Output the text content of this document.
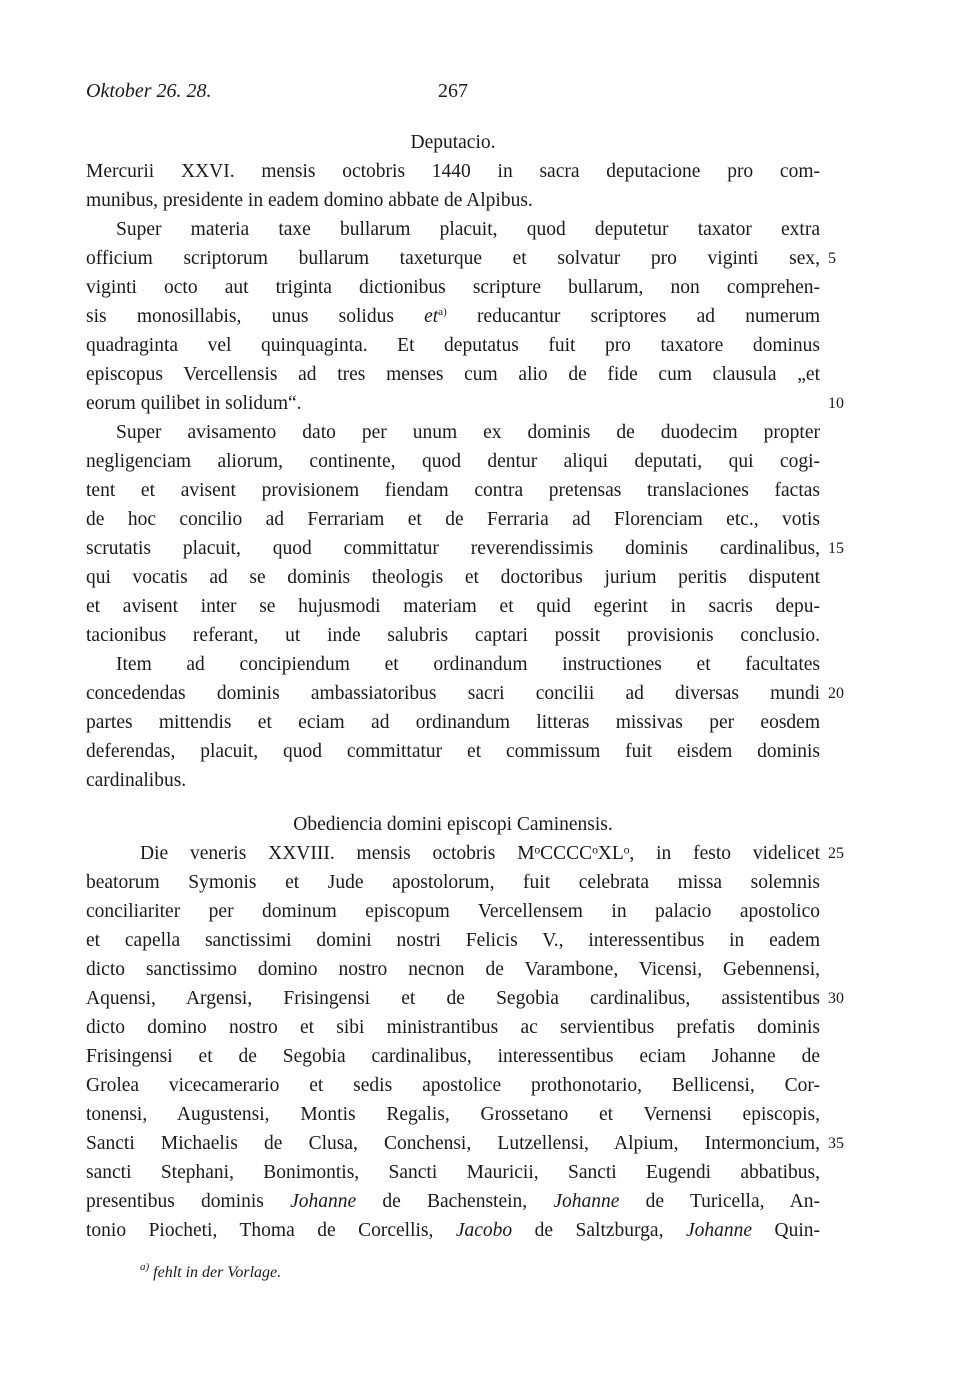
Oktober 26. 28.	267
Deputacio.
Mercurii XXVI. mensis octobris 1440 in sacra deputacione pro com-
munibus, presidente in eadem domino abbate de Alpibus.
Super materia taxe bullarum placuit, quod deputetur taxator extra
officium scriptorum bullarum taxeturque et solvatur pro viginti sex,
viginti octo aut triginta dictionibus scripture bullarum, non comprehen-
sis monosillabis, unus solidus $et^{a)}$ reducantur scriptores ad numerum
quadraginta vel quinquaginta. Et deputatus fuit pro taxatore dominus
episcopus Vercellensis ad tres menses cum alio de fide cum clausula „et
eorum quilibet in solidum“.
Super avisamento dato per unum ex dominis de duodecim propter
negligenciam aliorum, continente, quod dentur aliqui deputati, qui cogi-
tent et avisent provisionem fiendam contra pretensas translaciones factas
de hoc concilio ad Ferrariam et de Ferraria ad Florenciam etc., votis
scrutatis placuit, quod committatur reverendissimis dominis cardinalibus,
qui vocatis ad se dominis theologis et doctoribus jurium peritis disputent
et avisent inter se hujusmodi materiam et quid egerint in sacris depu-
tacionibus referant, ut inde salubris captari possit provisionis conclusio.
Item ad concipiendum et ordinandum instructiones et facultates
concedendas dominis ambassiatoribus sacri concilii ad diversas mundi
partes mittendis et eciam ad ordinandum litteras missivas per eosdem
deferendas, placuit, quod committatur et commissum fuit eisdem dominis
cardinalibus.
Obediencia domini episcopi Caminensis.
Die veneris XXVIII. mensis octobris MᵒCCCCᵒXLᵒ, in festo videlicet
beatorum Symonis et Jude apostolorum, fuit celebrata missa solemnis
conciliariter per dominum episcopum Vercellensem in palacio apostolico
et capella sanctissimi domini nostri Felicis V., interessentibus in eadem
dicto sanctissimo domino nostro necnon de Varambone, Vicensi, Gebennensi,
Aquensi, Argensi, Frisingensi et de Segobia cardinalibus, assistentibus
dicto domino nostro et sibi ministrantibus ac servientibus prefatis dominis
Frisingensi et de Segobia cardinalibus, interessentibus eciam Johanne de
Grolea vicecamerario et sedis apostolice prothonotario, Bellicensi, Cor-
tonensi, Augustensi, Montis Regalis, Grossetano et Vernensi episcopis,
Sancti Michaelis de Clusa, Conchensi, Lutzellensi, Alpium, Intermoncium,
sancti Stephani, Bonimontis, Sancti Mauricii, Sancti Eugendi abbatibus,
presentibus dominis Johanne de Bachenstein, Johanne de Turicella, An-
tonio Piocheti, Thoma de Corcellis, Jacobo de Saltzburga, Johanne Quin-
5
10
15
20
25
30
35
$^{a)}$ fehlt in der Vorlage.
